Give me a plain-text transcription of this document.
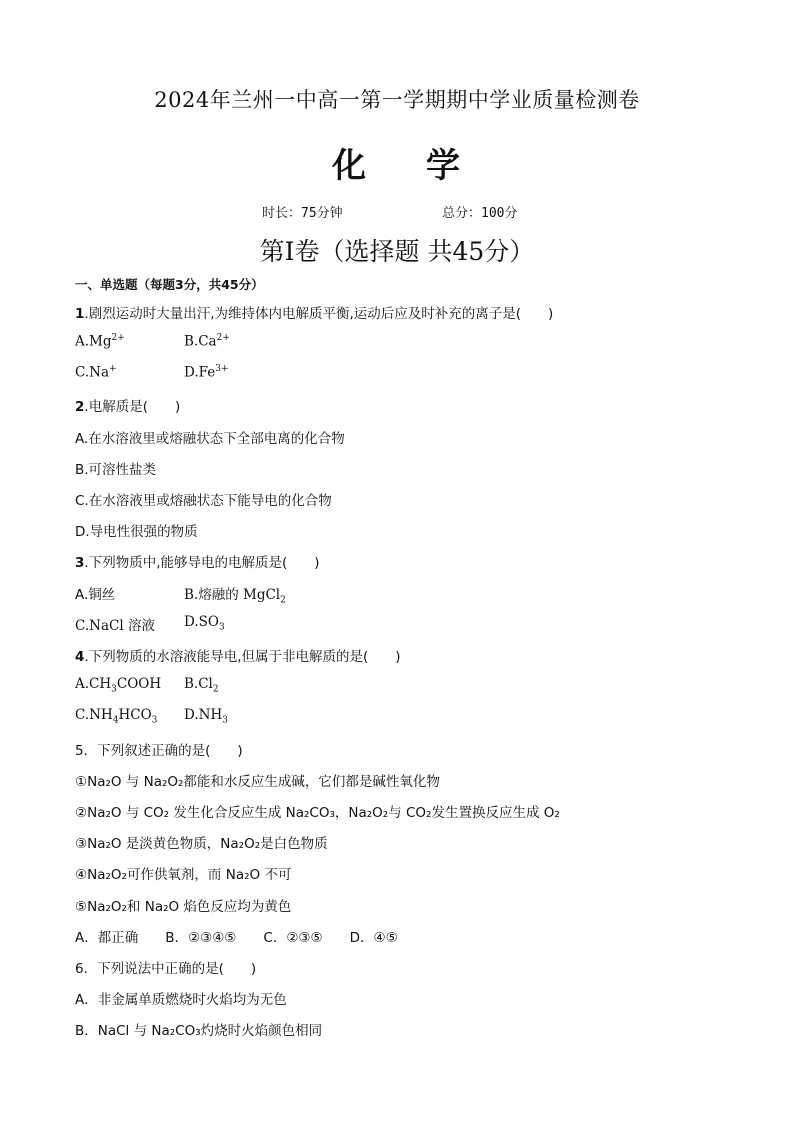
2024年兰州一中高一第一学期期中学业质量检测卷
化 学
时长：75分钟	总分：100分
第Ⅰ卷（选择题 共45分）
一、单选题（每题3分，共45分）
1.剧烈运动时大量出汗,为维持体内电解质平衡,运动后应及时补充的离子是(　　)
$A.Mg^{2+}$	$B.Ca^{2+}$
C.Na+	$D.Fe^{3+}$
2.电解质是(　　)
A.在水溶液里或熔融状态下全部电离的化合物
B.可溶性盐类
C.在水溶液里或熔融状态下能导电的化合物
D.导电性很强的物质
3.下列物质中,能够导电的电解质是(　　)
A.铜丝	B.熔融的 MgCl$_2$
C.NaCl 溶液 $D.SO_3$
4.下列物质的水溶液能导电,但属于非电解质的是(　　)
$A.CH_3COOH$ $B.Cl_2$
$C.NH_4HCO_3$ $D.NH_3$
5．下列叙述正确的是(　　)
①Na₂O 与 Na₂O₂都能和水反应生成碱，它们都是碱性氧化物
②Na₂O 与 CO₂ 发生化合反应生成 Na₂CO₃，Na₂O₂与 CO₂发生置换反应生成 O₂
③Na₂O 是淡黄色物质，Na₂O₂是白色物质
④Na₂O₂可作供氧剂，而 Na₂O 不可
⑤Na₂O₂和 Na₂O 焰色反应均为黄色
A．都正确　　B．②③④⑤　　C．②③⑤　　D．④⑤
6．下列说法中正确的是(　　)
A．非金属单质燃烧时火焰均为无色
B．NaCl 与 Na₂CO₃灼烧时火焰颜色相同
